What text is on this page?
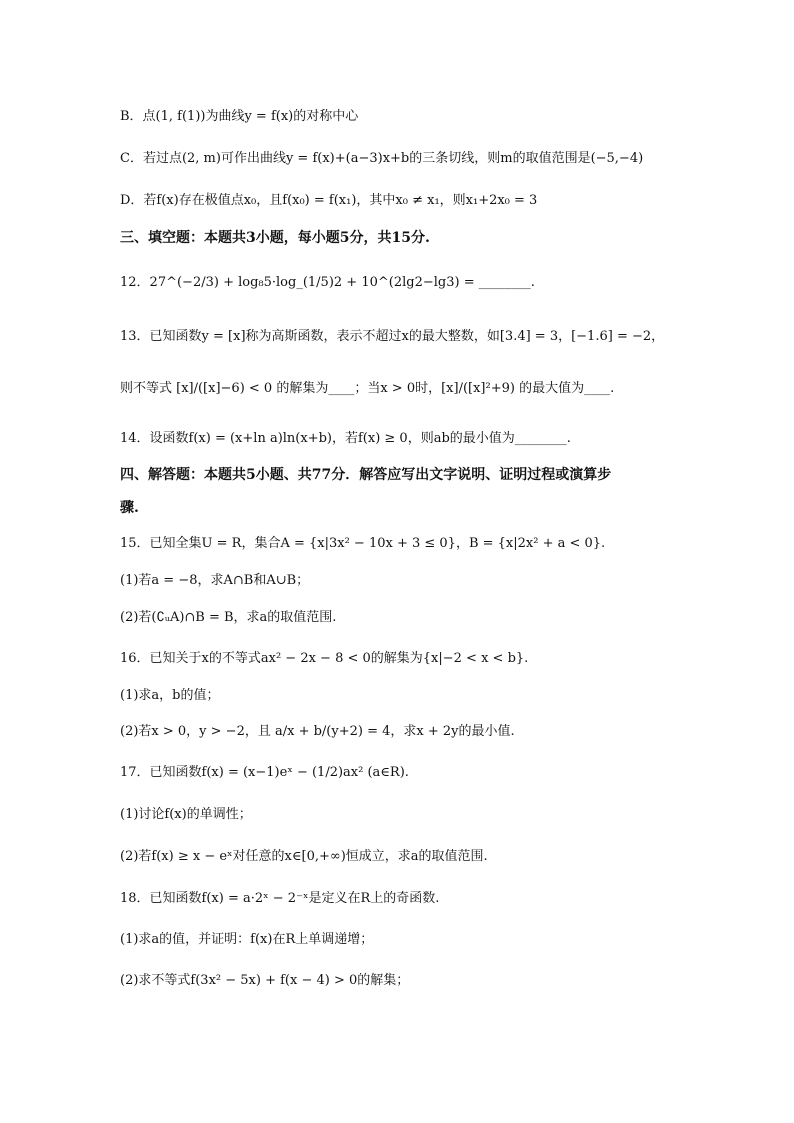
B．点(1, f(1))为曲线y = f(x)的对称中心
C．若过点(2, m)可作出曲线y = f(x)+(a−3)x+b的三条切线，则m的取值范围是(−5,−4)
D．若f(x)存在极值点x₀，且f(x₀) = f(x₁)，其中x₀ ≠ x₁，则x₁+2x₀ = 3
三、填空题：本题共3小题，每小题5分，共15分.
12．27^(−2/3) + log₈5·log_(1/5)2 + 10^(2lg2−lg3) = ________.
13．已知函数y = [x]称为高斯函数，表示不超过x的最大整数，如[3.4] = 3，[−1.6] = −2，
则不等式 [x]/([x]−6) < 0 的解集为____；当x > 0时，[x]/([x]²+9) 的最大值为____.
14．设函数f(x) = (x+ln a)ln(x+b)，若f(x) ≥ 0，则ab的最小值为________.
四、解答题：本题共5小题、共77分．解答应写出文字说明、证明过程或演算步
骤.
15．已知全集U = R，集合A = {x|3x² − 10x + 3 ≤ 0}，B = {x|2x² + a < 0}.
(1)若a = −8，求A∩B和A∪B；
(2)若(∁ᵤA)∩B = B，求a的取值范围.
16．已知关于x的不等式ax² − 2x − 8 < 0的解集为{x|−2 < x < b}.
(1)求a，b的值；
(2)若x > 0，y > −2，且 a/x + b/(y+2) = 4，求x + 2y的最小值.
17．已知函数f(x) = (x−1)eˣ − (1/2)ax² (a∈R).
(1)讨论f(x)的单调性；
(2)若f(x) ≥ x − eˣ对任意的x∈[0,+∞)恒成立，求a的取值范围.
18．已知函数f(x) = a·2ˣ − 2⁻ˣ是定义在R上的奇函数.
(1)求a的值，并证明：f(x)在R上单调递增；
(2)求不等式f(3x² − 5x) + f(x − 4) > 0的解集；
